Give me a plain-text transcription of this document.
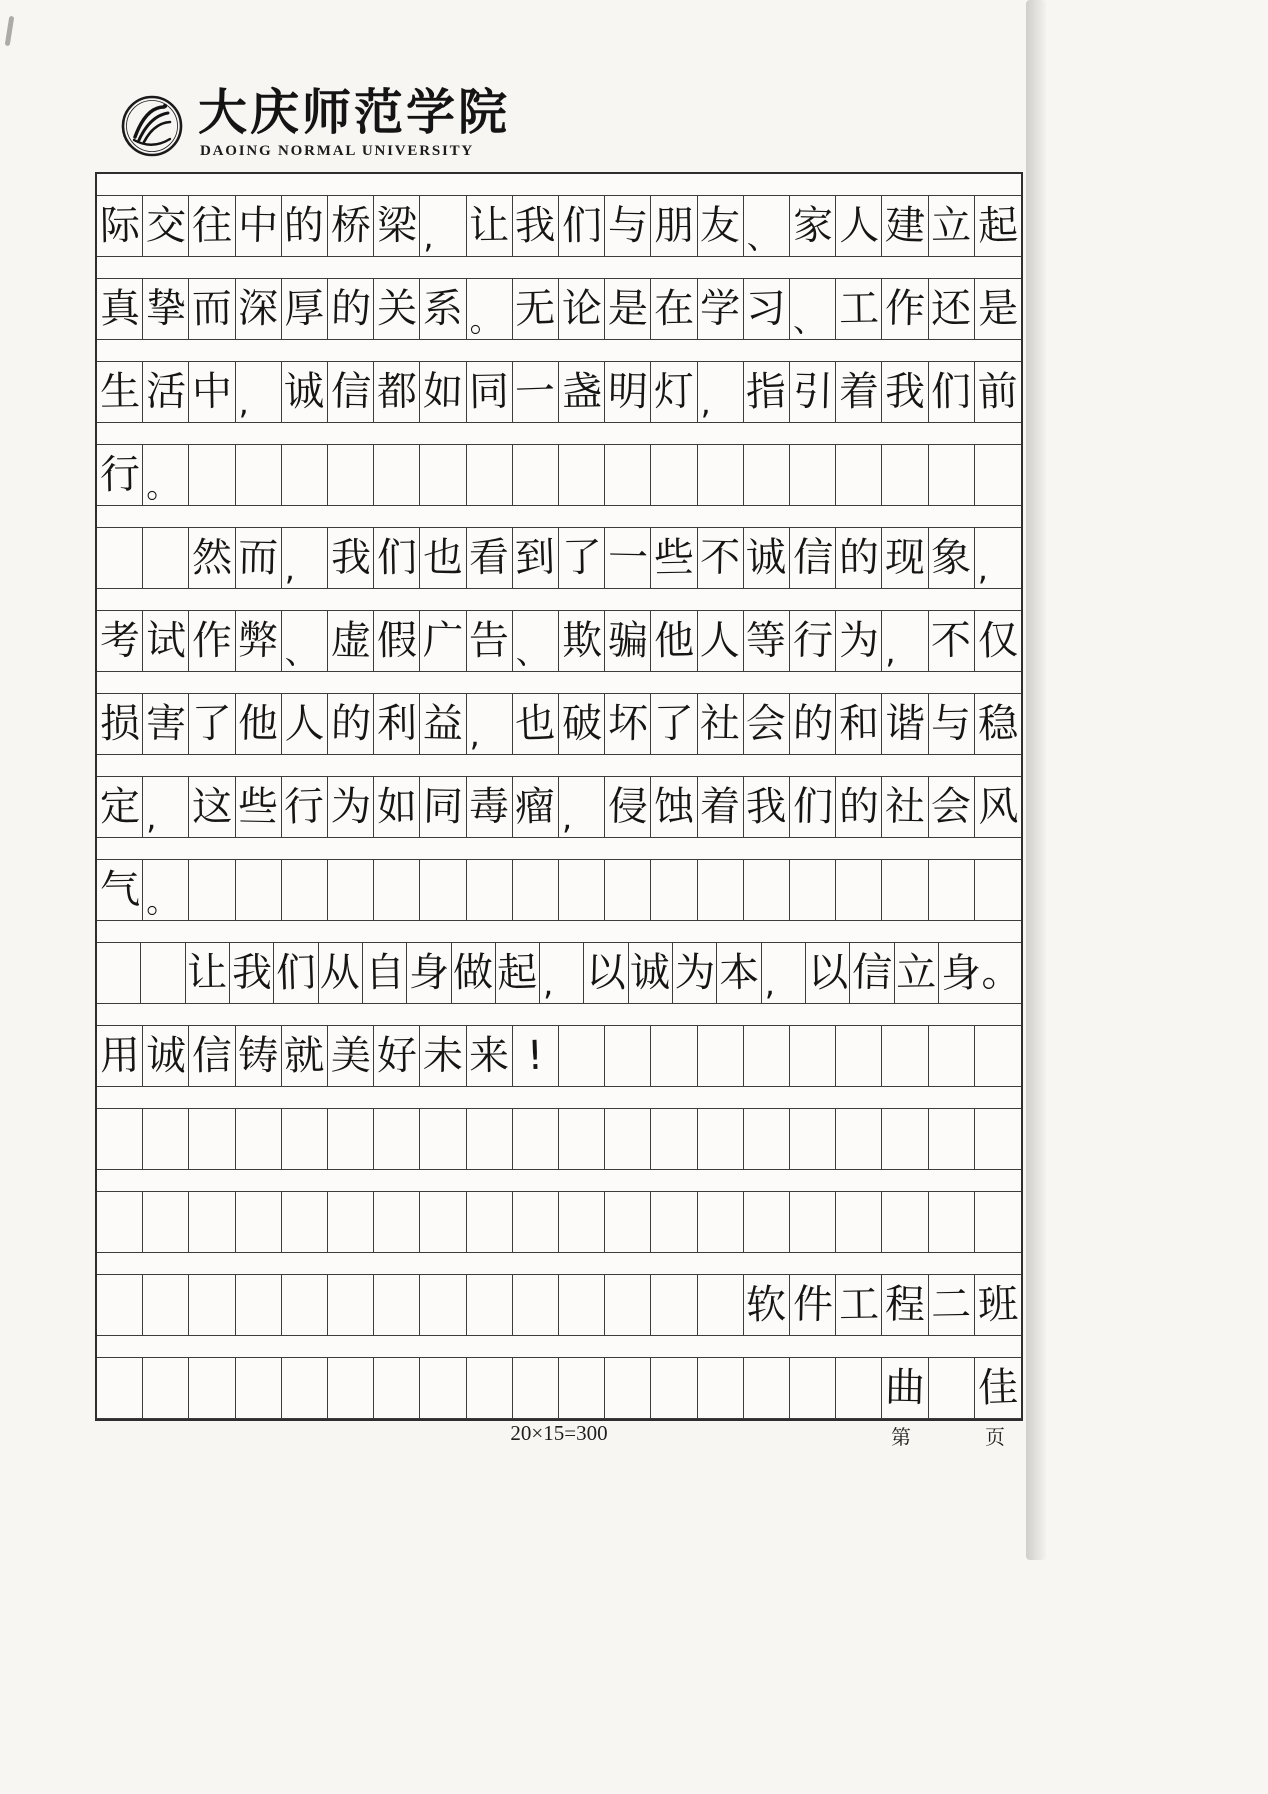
大庆师范学院
DAOING NORMAL UNIVERSITY
际 交 往 中 的 桥 梁 , 让 我 们 与 朋 友 、 家 人 建 立 起
真 挚 而 深 厚 的 关 系 。 无 论 是 在 学 习 、 工 作 还 是
生 活 中 , 诚 信 都 如 同 一 盏 明 灯 , 指 引 着 我 们 前
行 。
然 而 , 我 们 也 看 到 了 一 些 不 诚 信 的 现 象 ,
考 试 作 弊 、 虚 假 广 告 、 欺 骗 他 人 等 行 为 , 不 仅
损 害 了 他 人 的 利 益 , 也 破 坏 了 社 会 的 和 谐 与 稳
定 , 这 些 行 为 如 同 毒 瘤 , 侵 蚀 着 我 们 的 社 会 风
气 。
让 我 们 从 自 身 做 起 , 以 诚 为 本 , 以 信 立 身。
用 诚 信 铸 就 美 好 未 来 !
软 件 工 程 二 班
曲 佳
20×15=300	第	页
